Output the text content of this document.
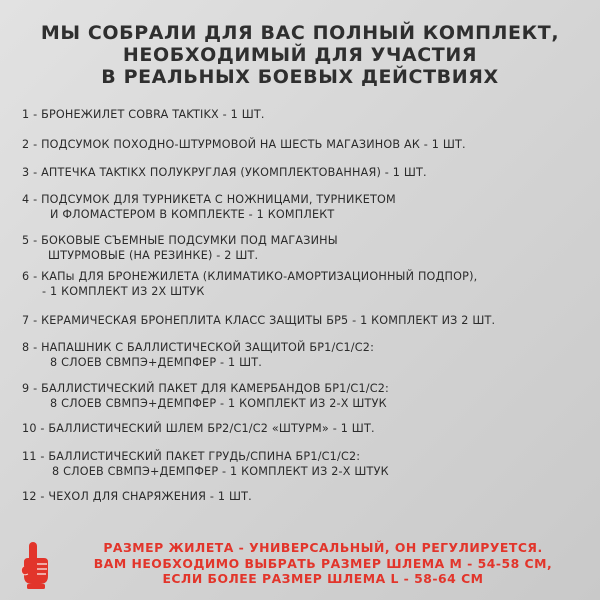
МЫ СОБРАЛИ ДЛЯ ВАС ПОЛНЫЙ КОМПЛЕКТ,
НЕОБХОДИМЫЙ ДЛЯ УЧАСТИЯ
В РЕАЛЬНЫХ БОЕВЫХ ДЕЙСТВИЯХ
1 - БРОНЕЖИЛЕТ COBRA TAKTIKX - 1 ШТ.
2 - ПОДСУМОК ПОХОДНО-ШТУРМОВОЙ НА ШЕСТЬ МАГАЗИНОВ АК - 1 ШТ.
3 - АПТЕЧКА TAKTIKX ПОЛУКРУГЛАЯ (УКОМПЛЕКТОВАННАЯ) - 1 ШТ.
4 - ПОДСУМОК ДЛЯ ТУРНИКЕТА С НОЖНИЦАМИ, ТУРНИКЕТОМ
И ФЛОМАСТЕРОМ В КОМПЛЕКТЕ - 1 КОМПЛЕКТ
5 - БОКОВЫЕ СЪЕМНЫЕ ПОДСУМКИ ПОД МАГАЗИНЫ
ШТУРМОВЫЕ (НА РЕЗИНКЕ) - 2 ШТ.
6 - КАПы ДЛЯ БРОНЕЖИЛЕТА (КЛИМАТИКО-АМОРТИЗАЦИОННЫЙ ПОДПОР),
- 1 КОМПЛЕКТ ИЗ 2Х ШТУК
7 - КЕРАМИЧЕСКАЯ БРОНЕПЛИТА КЛАСС ЗАЩИТЫ БР5 - 1 КОМПЛЕКТ ИЗ 2 ШТ.
8 - НАПАШНИК С БАЛЛИСТИЧЕСКОЙ ЗАЩИТОЙ БР1/С1/С2:
8 СЛОЕВ СВМПЭ+ДЕМПФЕР - 1 ШТ.
9 - БАЛЛИСТИЧЕСКИЙ ПАКЕТ ДЛЯ КАМЕРБАНДОВ БР1/С1/С2:
8 СЛОЕВ СВМПЭ+ДЕМПФЕР - 1 КОМПЛЕКТ ИЗ 2-Х ШТУК
10 - БАЛЛИСТИЧЕСКИЙ ШЛЕМ БР2/С1/С2 «ШТУРМ» - 1 ШТ.
11 - БАЛЛИСТИЧЕСКИЙ ПАКЕТ ГРУДЬ/СПИНА БР1/С1/С2:
8 СЛОЕВ СВМПЭ+ДЕМПФЕР - 1 КОМПЛЕКТ ИЗ 2-Х ШТУК
12 - ЧЕХОЛ ДЛЯ СНАРЯЖЕНИЯ - 1 ШТ.
РАЗМЕР ЖИЛЕТА - УНИВЕРСАЛЬНЫЙ, ОН РЕГУЛИРУЕТСЯ.
ВАМ НЕОБХОДИМО ВЫБРАТЬ РАЗМЕР ШЛЕМА M - 54-58 СМ,
ЕСЛИ БОЛЕЕ РАЗМЕР ШЛЕМА L - 58-64 СМ
